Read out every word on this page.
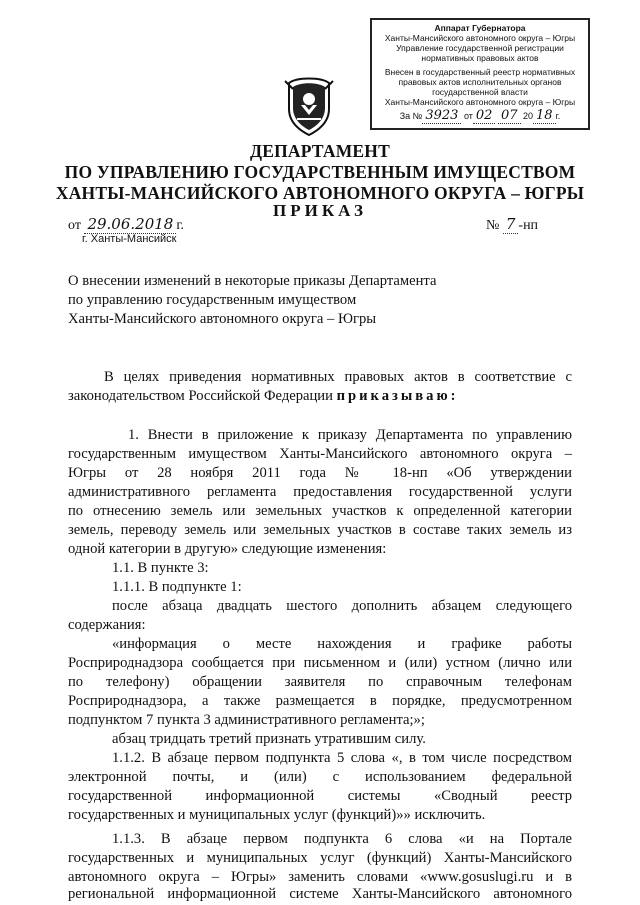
Аппарат Губернатора
Ханты-Мансийского автономного округа – Югры
Управление государственной регистрации
нормативных правовых актов
Внесен в государственный реестр нормативных
правовых актов исполнительных органов
государственной власти
Ханты-Мансийского автономного округа – Югры
За № 3923 от 02 07 20 18 г.
ДЕПАРТАМЕНТ
ПО УПРАВЛЕНИЮ ГОСУДАРСТВЕННЫМ ИМУЩЕСТВОМ
ХАНТЫ-МАНСИЙСКОГО АВТОНОМНОГО ОКРУГА – ЮГРЫ
ПРИКАЗ
от 29.06.2018 г.
г. Ханты-Мансийск
№ 7 -нп
О внесении изменений в некоторые приказы Департамента
по управлению государственным имуществом
Ханты-Мансийского автономного округа – Югры
В целях приведения нормативных правовых актов в соответствие с
законодательством Российской Федерации приказываю:
1. Внести в приложение к приказу Департамента по управлению
государственным имуществом Ханты-Мансийского автономного округа –
Югры от 28 ноября 2011 года № 18-нп «Об утверждении
административного регламента предоставления государственной услуги
по отнесению земель или земельных участков к определенной категории
земель, переводу земель или земельных участков в составе таких земель из
одной категории в другую» следующие изменения:
1.1. В пункте 3:
1.1.1. В подпункте 1:
после абзаца двадцать шестого дополнить абзацем следующего
содержания:
«информация о месте нахождения и графике работы
Росприроднадзора сообщается при письменном и (или) устном (лично или
по телефону) обращении заявителя по справочным телефонам
Росприроднадзора, а также размещается в порядке, предусмотренном
подпунктом 7 пункта 3 административного регламента;»;
абзац тридцать третий признать утратившим силу.
1.1.2. В абзаце первом подпункта 5 слова «, в том числе посредством
электронной почты, и (или) с использованием федеральной
государственной информационной системы «Сводный реестр
государственных и муниципальных услуг (функций)»» исключить.
1.1.3. В абзаце первом подпункта 6 слова «и на Портале
государственных и муниципальных услуг (функций) Ханты-Мансийского
автономного округа – Югры» заменить словами «www.gosuslugi.ru и в
региональной информационной системе Ханты-Мансийского автономного
